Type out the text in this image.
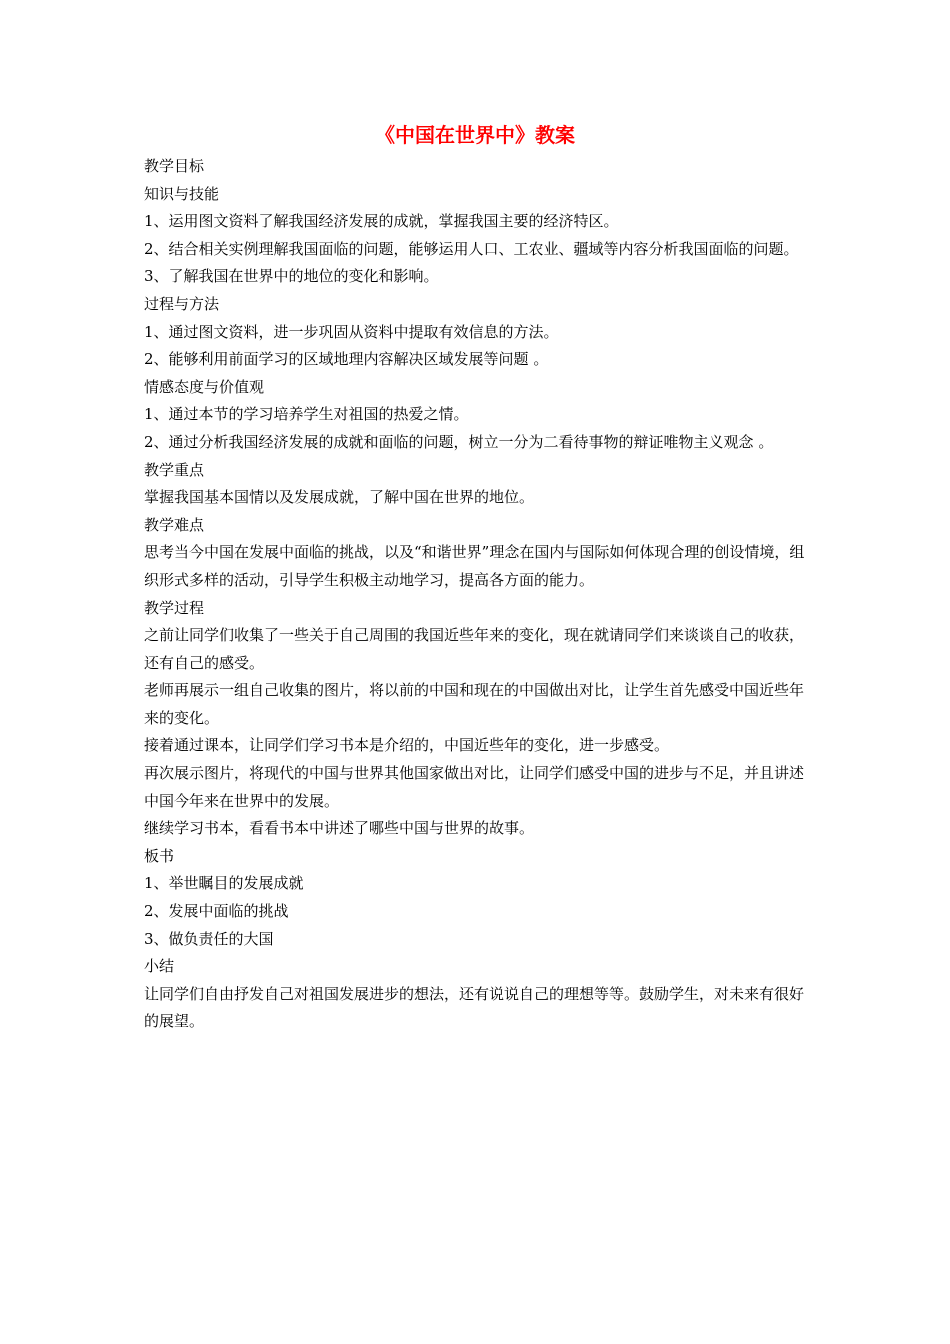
《中国在世界中》教案

教学目标

知识与技能

1、运用图文资料了解我国经济发展的成就，掌握我国主要的经济特区。

2、结合相关实例理解我国面临的问题，能够运用人口、工农业、疆域等内容分析我国面临的问题。

3、了解我国在世界中的地位的变化和影响。

过程与方法

1、通过图文资料，进一步巩固从资料中提取有效信息的方法。

2、能够利用前面学习的区域地理内容解决区域发展等问题 。

情感态度与价值观

1、通过本节的学习培养学生对祖国的热爱之情。

2、通过分析我国经济发展的成就和面临的问题，树立一分为二看待事物的辩证唯物主义观念 。

教学重点

掌握我国基本国情以及发展成就，了解中国在世界的地位。

教学难点

思考当今中国在发展中面临的挑战，以及“和谐世界”理念在国内与国际如何体现合理的创设情境，组织形式多样的活动，引导学生积极主动地学习，提高各方面的能力。

教学过程

之前让同学们收集了一些关于自己周围的我国近些年来的变化，现在就请同学们来谈谈自己的收获，还有自己的感受。

老师再展示一组自己收集的图片，将以前的中国和现在的中国做出对比，让学生首先感受中国近些年来的变化。

接着通过课本，让同学们学习书本是介绍的，中国近些年的变化，进一步感受。

再次展示图片，将现代的中国与世界其他国家做出对比，让同学们感受中国的进步与不足，并且讲述中国今年来在世界中的发展。

继续学习书本，看看书本中讲述了哪些中国与世界的故事。

板书

1、举世瞩目的发展成就

2、发展中面临的挑战

3、做负责任的大国

小结

让同学们自由抒发自己对祖国发展进步的想法，还有说说自己的理想等等。鼓励学生，对未来有很好的展望。
